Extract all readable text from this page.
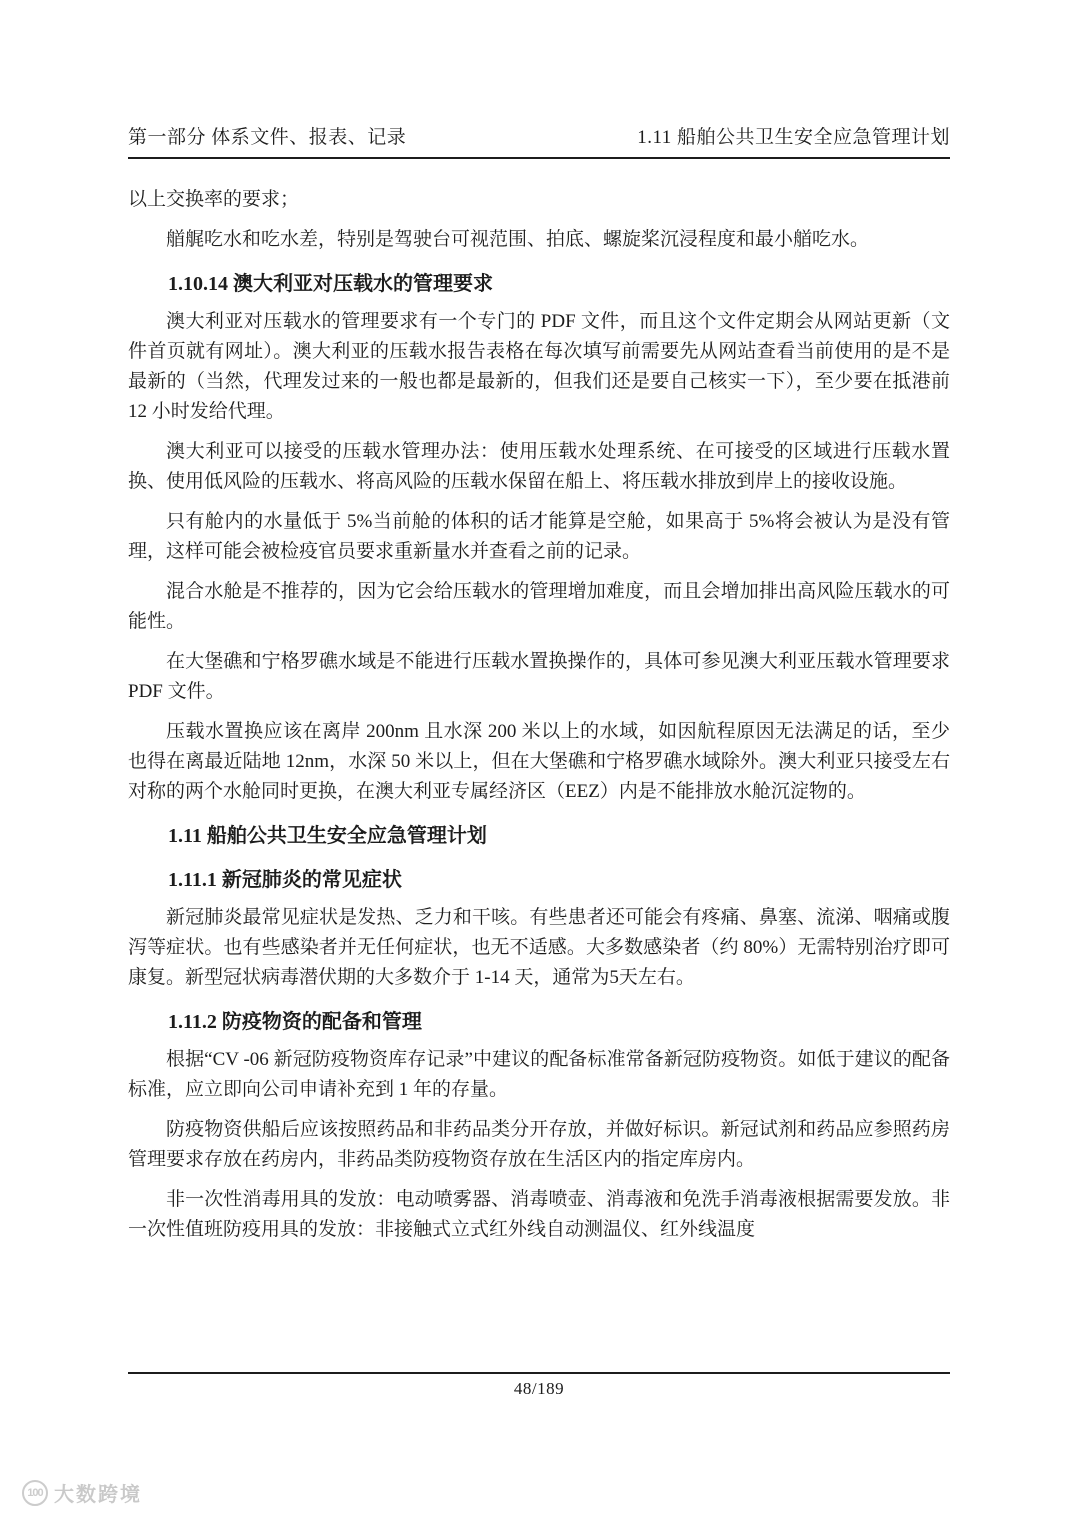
第一部分 体系文件、报表、记录	1.11 船舶公共卫生安全应急管理计划

以上交换率的要求；

艏艉吃水和吃水差，特别是驾驶台可视范围、拍底、螺旋桨沉浸程度和最小艏吃水。

1.10.14 澳大利亚对压载水的管理要求

澳大利亚对压载水的管理要求有一个专门的 PDF 文件，而且这个文件定期会从网站更新（文件首页就有网址）。澳大利亚的压载水报告表格在每次填写前需要先从网站查看当前使用的是不是最新的（当然，代理发过来的一般也都是最新的，但我们还是要自己核实一下），至少要在抵港前 12 小时发给代理。

澳大利亚可以接受的压载水管理办法：使用压载水处理系统、在可接受的区域进行压载水置换、使用低风险的压载水、将高风险的压载水保留在船上、将压载水排放到岸上的接收设施。

只有舱内的水量低于 5%当前舱的体积的话才能算是空舱，如果高于 5%将会被认为是没有管理，这样可能会被检疫官员要求重新量水并查看之前的记录。

混合水舱是不推荐的，因为它会给压载水的管理增加难度，而且会增加排出高风险压载水的可能性。

在大堡礁和宁格罗礁水域是不能进行压载水置换操作的，具体可参见澳大利亚压载水管理要求 PDF 文件。

压载水置换应该在离岸 200nm 且水深 200 米以上的水域，如因航程原因无法满足的话，至少也得在离最近陆地 12nm，水深 50 米以上，但在大堡礁和宁格罗礁水域除外。澳大利亚只接受左右对称的两个水舱同时更换，在澳大利亚专属经济区（EEZ）内是不能排放水舱沉淀物的。

1.11 船舶公共卫生安全应急管理计划
1.11.1 新冠肺炎的常见症状

新冠肺炎最常见症状是发热、乏力和干咳。有些患者还可能会有疼痛、鼻塞、流涕、咽痛或腹泻等症状。也有些感染者并无任何症状，也无不适感。大多数感染者（约 80%）无需特别治疗即可康复。新型冠状病毒潜伏期的大多数介于 1-14 天，通常为5天左右。

1.11.2 防疫物资的配备和管理

根据“CV -06 新冠防疫物资库存记录”中建议的配备标准常备新冠防疫物资。如低于建议的配备标准，应立即向公司申请补充到 1 年的存量。

防疫物资供船后应该按照药品和非药品类分开存放，并做好标识。新冠试剂和药品应参照药房管理要求存放在药房内，非药品类防疫物资存放在生活区内的指定库房内。

非一次性消毒用具的发放：电动喷雾器、消毒喷壶、消毒液和免洗手消毒液根据需要发放。非一次性值班防疫用具的发放：非接触式立式红外线自动测温仪、红外线温度

48/189
100 大数跨境
